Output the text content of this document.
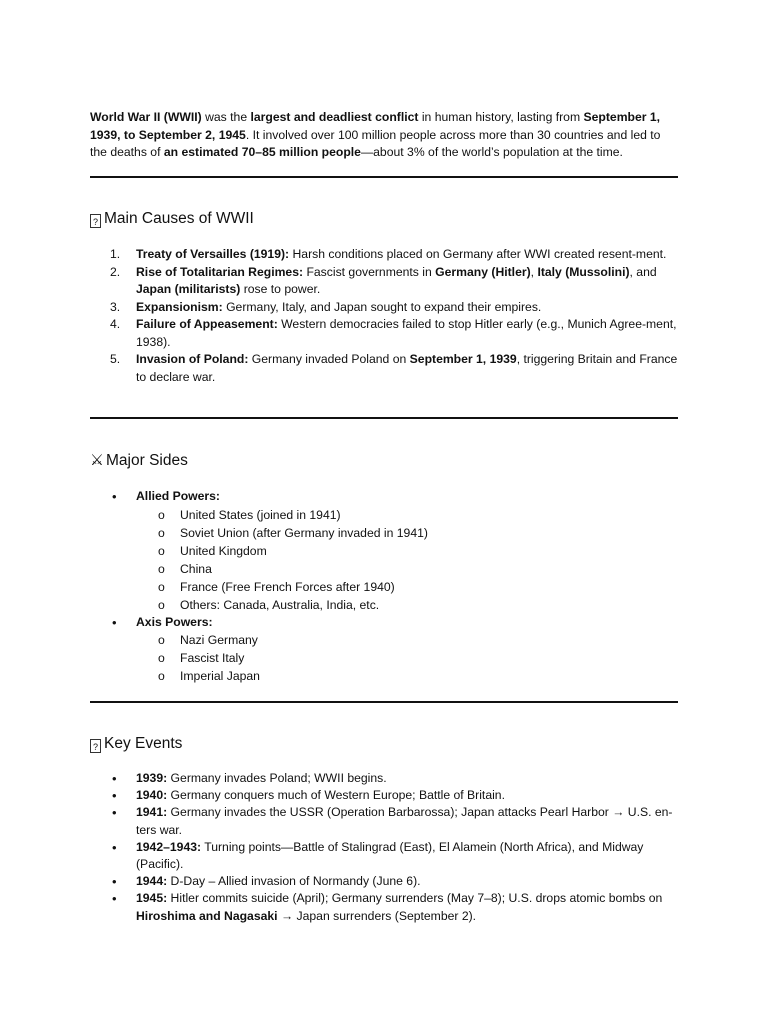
World War II (WWII) was the largest and deadliest conflict in human history, lasting from September 1, 1939, to September 2, 1945. It involved over 100 million people across more than 30 countries and led to the deaths of an estimated 70–85 million people—about 3% of the world’s population at the time.

? Main Causes of WWII
1. Treaty of Versailles (1919): Harsh conditions placed on Germany after WWI created resent-ment.
2. Rise of Totalitarian Regimes: Fascist governments in Germany (Hitler), Italy (Mussolini), and Japan (militarists) rose to power.
3. Expansionism: Germany, Italy, and Japan sought to expand their empires.
4. Failure of Appeasement: Western democracies failed to stop Hitler early (e.g., Munich Agree-ment, 1938).
5. Invasion of Poland: Germany invaded Poland on September 1, 1939, triggering Britain and France to declare war.
⚔ Major Sides
• Allied Powers:
o United States (joined in 1941)
o Soviet Union (after Germany invaded in 1941)
o United Kingdom
o China
o France (Free French Forces after 1940)
o Others: Canada, Australia, India, etc.
• Axis Powers:
o Nazi Germany
o Fascist Italy
o Imperial Japan
? Key Events
• 1939: Germany invades Poland; WWII begins.
• 1940: Germany conquers much of Western Europe; Battle of Britain.
• 1941: Germany invades the USSR (Operation Barbarossa); Japan attacks Pearl Harbor → U.S. en-ters war.
• 1942–1943: Turning points—Battle of Stalingrad (East), El Alamein (North Africa), and Midway (Pacific).
• 1944: D-Day – Allied invasion of Normandy (June 6).
• 1945: Hitler commits suicide (April); Germany surrenders (May 7–8); U.S. drops atomic bombs on Hiroshima and Nagasaki → Japan surrenders (September 2).
